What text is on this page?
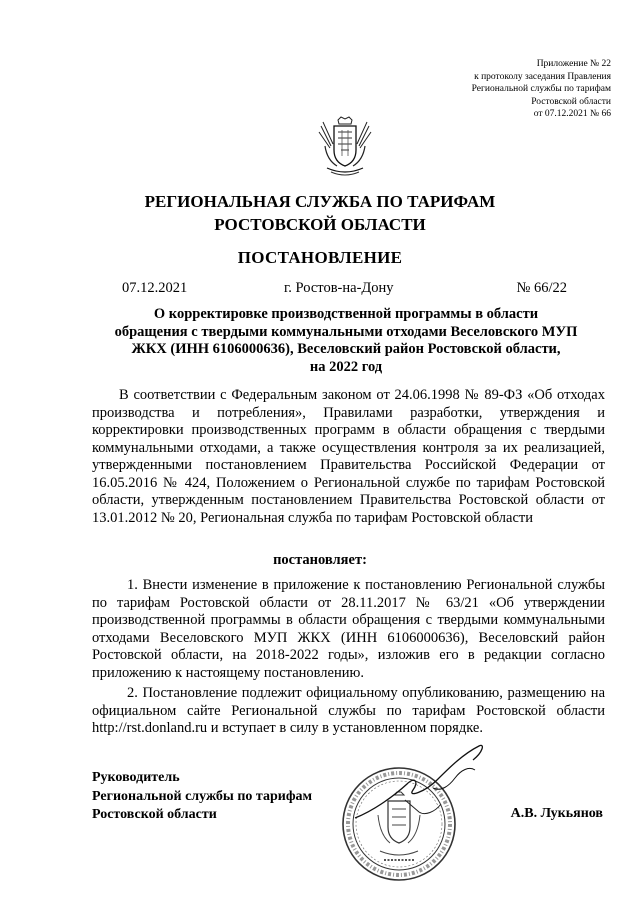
Приложение № 22
к протоколу заседания Правления
Региональной службы по тарифам
Ростовской области
от 07.12.2021 № 66
РЕГИОНАЛЬНАЯ СЛУЖБА ПО ТАРИФАМ
РОСТОВСКОЙ ОБЛАСТИ
ПОСТАНОВЛЕНИЕ
07.12.2021	г. Ростов-на-Дону	№ 66/22
О корректировке производственной программы в области
обращения с твердыми коммунальными отходами Веселовского МУП
ЖКХ (ИНН 6106000636), Веселовский район Ростовской области,
на 2022 год
В соответствии с Федеральным законом от 24.06.1998 № 89-ФЗ «Об отходах производства и потребления», Правилами разработки, утверждения и корректировки производственных программ в области обращения с твердыми коммунальными отходами, а также осуществления контроля за их реализацией, утвержденными постановлением Правительства Российской Федерации от 16.05.2016 № 424, Положением о Региональной службе по тарифам Ростовской области, утвержденным постановлением Правительства Ростовской области от 13.01.2012 № 20, Региональная служба по тарифам Ростовской области
постановляет:
1. Внести изменение в приложение к постановлению Региональной службы по тарифам Ростовской области от 28.11.2017 № 63/21 «Об утверждении производственной программы в области обращения с твердыми коммунальными отходами Веселовского МУП ЖКХ (ИНН 6106000636), Веселовский район Ростовской области, на 2018-2022 годы», изложив его в редакции согласно приложению к настоящему постановлению.
2. Постановление подлежит официальному опубликованию, размещению на официальном сайте Региональной службы по тарифам Ростовской области http://rst.donland.ru и вступает в силу в установленном порядке.
Руководитель
Региональной службы по тарифам
Ростовской области	А.В. Лукьянов
